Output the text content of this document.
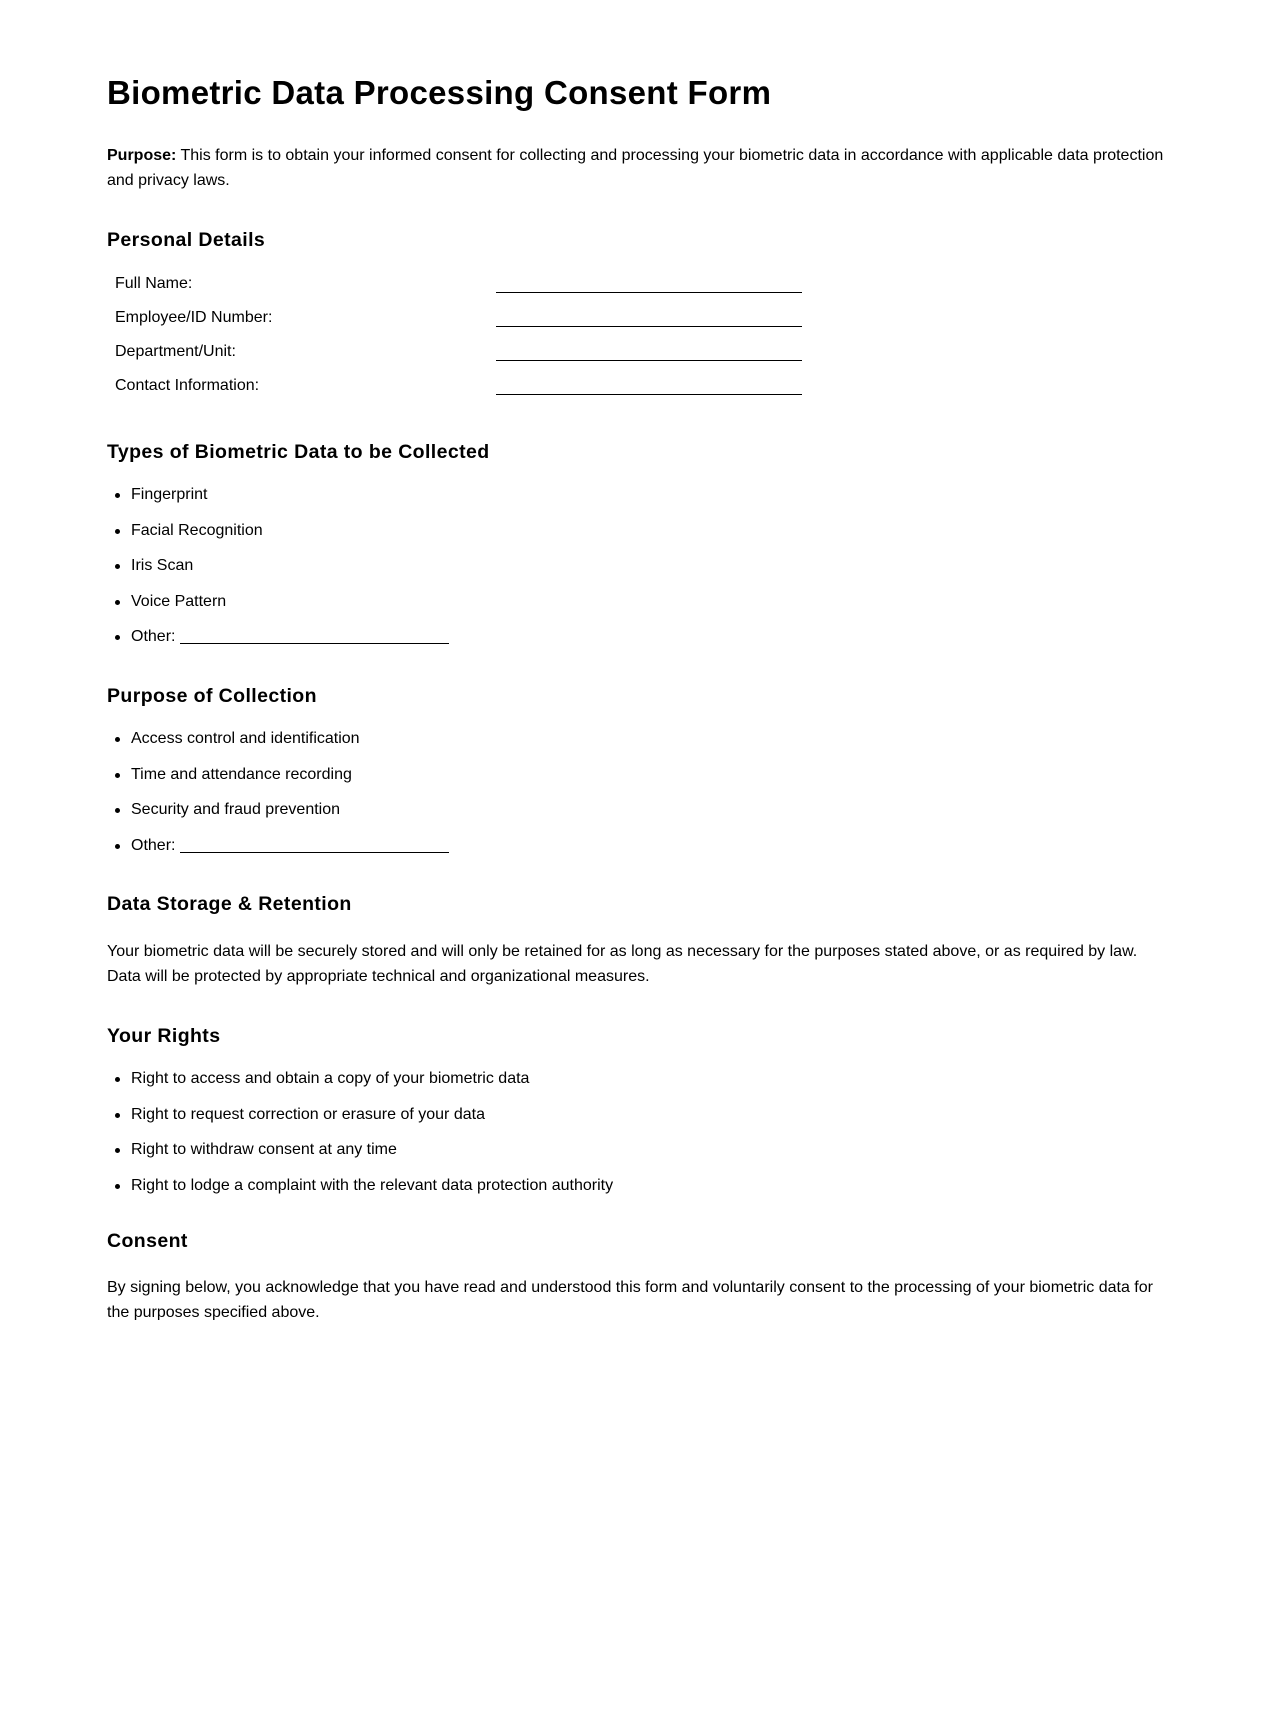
Biometric Data Processing Consent Form

Purpose: This form is to obtain your informed consent for collecting and processing your biometric data in accordance with applicable data protection and privacy laws.

Personal Details
Full Name:
Employee/ID Number:
Department/Unit:
Contact Information:
Types of Biometric Data to be Collected
Fingerprint
Facial Recognition
Iris Scan
Voice Pattern
Other:
Purpose of Collection
Access control and identification
Time and attendance recording
Security and fraud prevention
Other:
Data Storage & Retention

Your biometric data will be securely stored and will only be retained for as long as necessary for the purposes stated above, or as required by law. Data will be protected by appropriate technical and organizational measures.

Your Rights
Right to access and obtain a copy of your biometric data
Right to request correction or erasure of your data
Right to withdraw consent at any time
Right to lodge a complaint with the relevant data protection authority
Consent

By signing below, you acknowledge that you have read and understood this form and voluntarily consent to the processing of your biometric data for the purposes specified above.
